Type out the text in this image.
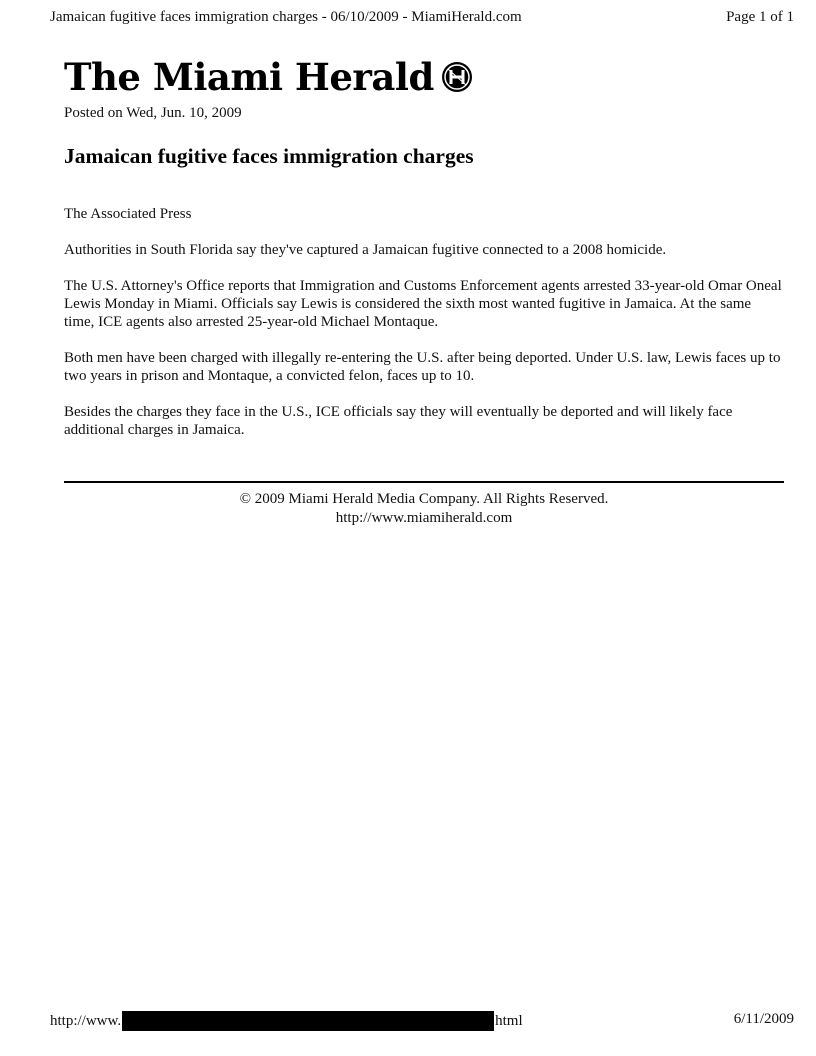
Jamaican fugitive faces immigration charges - 06/10/2009 - MiamiHerald.com	Page 1 of 1
The Miami Herald
Posted on Wed, Jun. 10, 2009
Jamaican fugitive faces immigration charges

The Associated Press

Authorities in South Florida say they've captured a Jamaican fugitive connected to a 2008 homicide.

The U.S. Attorney's Office reports that Immigration and Customs Enforcement agents arrested 33-year-old Omar Oneal Lewis Monday in Miami. Officials say Lewis is considered the sixth most wanted fugitive in Jamaica. At the same time, ICE agents also arrested 25-year-old Michael Montaque.

Both men have been charged with illegally re-entering the U.S. after being deported. Under U.S. law, Lewis faces up to two years in prison and Montaque, a convicted felon, faces up to 10.

Besides the charges they face in the U.S., ICE officials say they will eventually be deported and will likely face additional charges in Jamaica.

© 2009 Miami Herald Media Company. All Rights Reserved.
http://www.miamiherald.com
http://www.	html	6/11/2009
